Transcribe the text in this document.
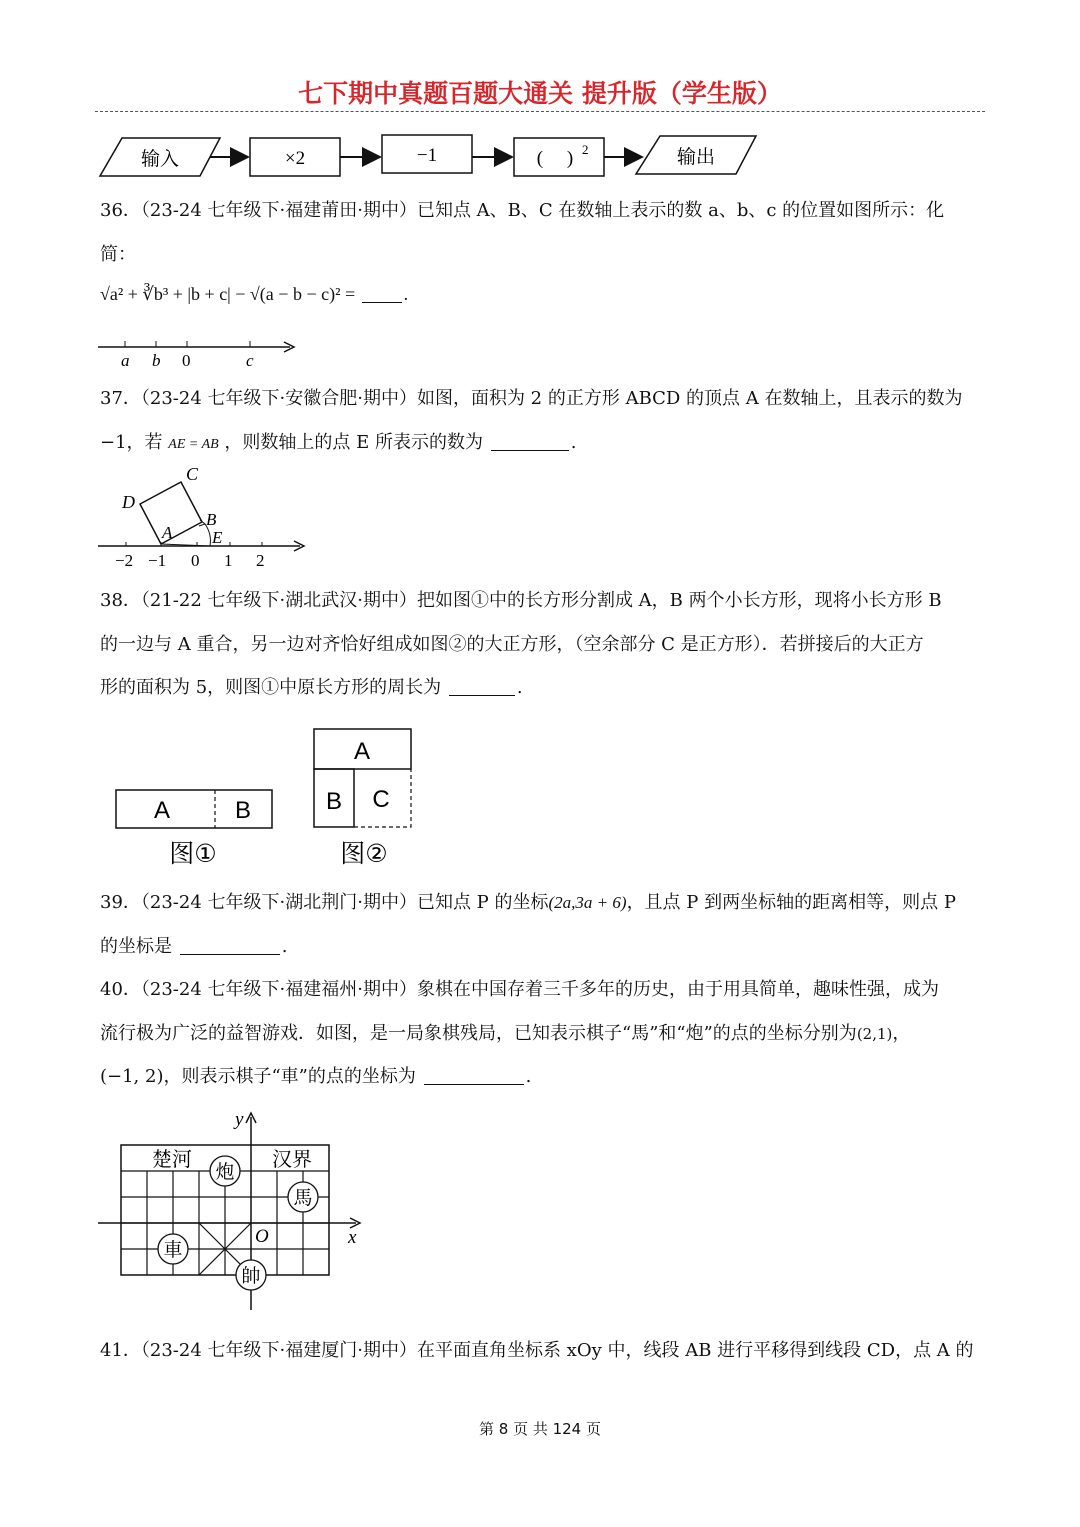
七下期中真题百题大通关 提升版（学生版）
输入	×2	−1	(     ) 2	输出
36．（23-24 七年级下·福建莆田·期中）已知点 A、B、C 在数轴上表示的数 a、b、c 的位置如图所示：化
简：
√a² + ∛b³ + |b + c| − √(a − b − c)² =	.
a b 0	c
37．（23-24 七年级下·安徽合肥·期中）如图，面积为 2 的正方形 ABCD 的顶点 A 在数轴上，且表示的数为
−1，若 AE = AB ，则数轴上的点 E 所表示的数为	.
C
D
A
B
E
−2 −1 0 1 2
38．（21-22 七年级下·湖北武汉·期中）把如图①中的长方形分割成 A，B 两个小长方形，现将小长方形 B
的一边与 A 重合，另一边对齐恰好组成如图②的大正方形，（空余部分 C 是正方形）．若拼接后的大正方
形的面积为 5，则图①中原长方形的周长为	.
A	B
图①
A
B C
图②
39．（23-24 七年级下·湖北荆门·期中）已知点 P 的坐标(2a,3a + 6)，且点 P 到两坐标轴的距离相等，则点 P
的坐标是	.
40．（23-24 七年级下·福建福州·期中）象棋在中国存着三千多年的历史，由于用具简单，趣味性强，成为
流行极为广泛的益智游戏．如图，是一局象棋残局，已知表示棋子“馬”和“炮”的点的坐标分别为(2,1)，
(−1, 2)，则表示棋子“車”的点的坐标为	.
y
x
O
楚河	汉界
炮
馬
車
帥
41．（23-24 七年级下·福建厦门·期中）在平面直角坐标系 xOy 中，线段 AB 进行平移得到线段 CD，点 A 的
第 8 页 共 124 页
